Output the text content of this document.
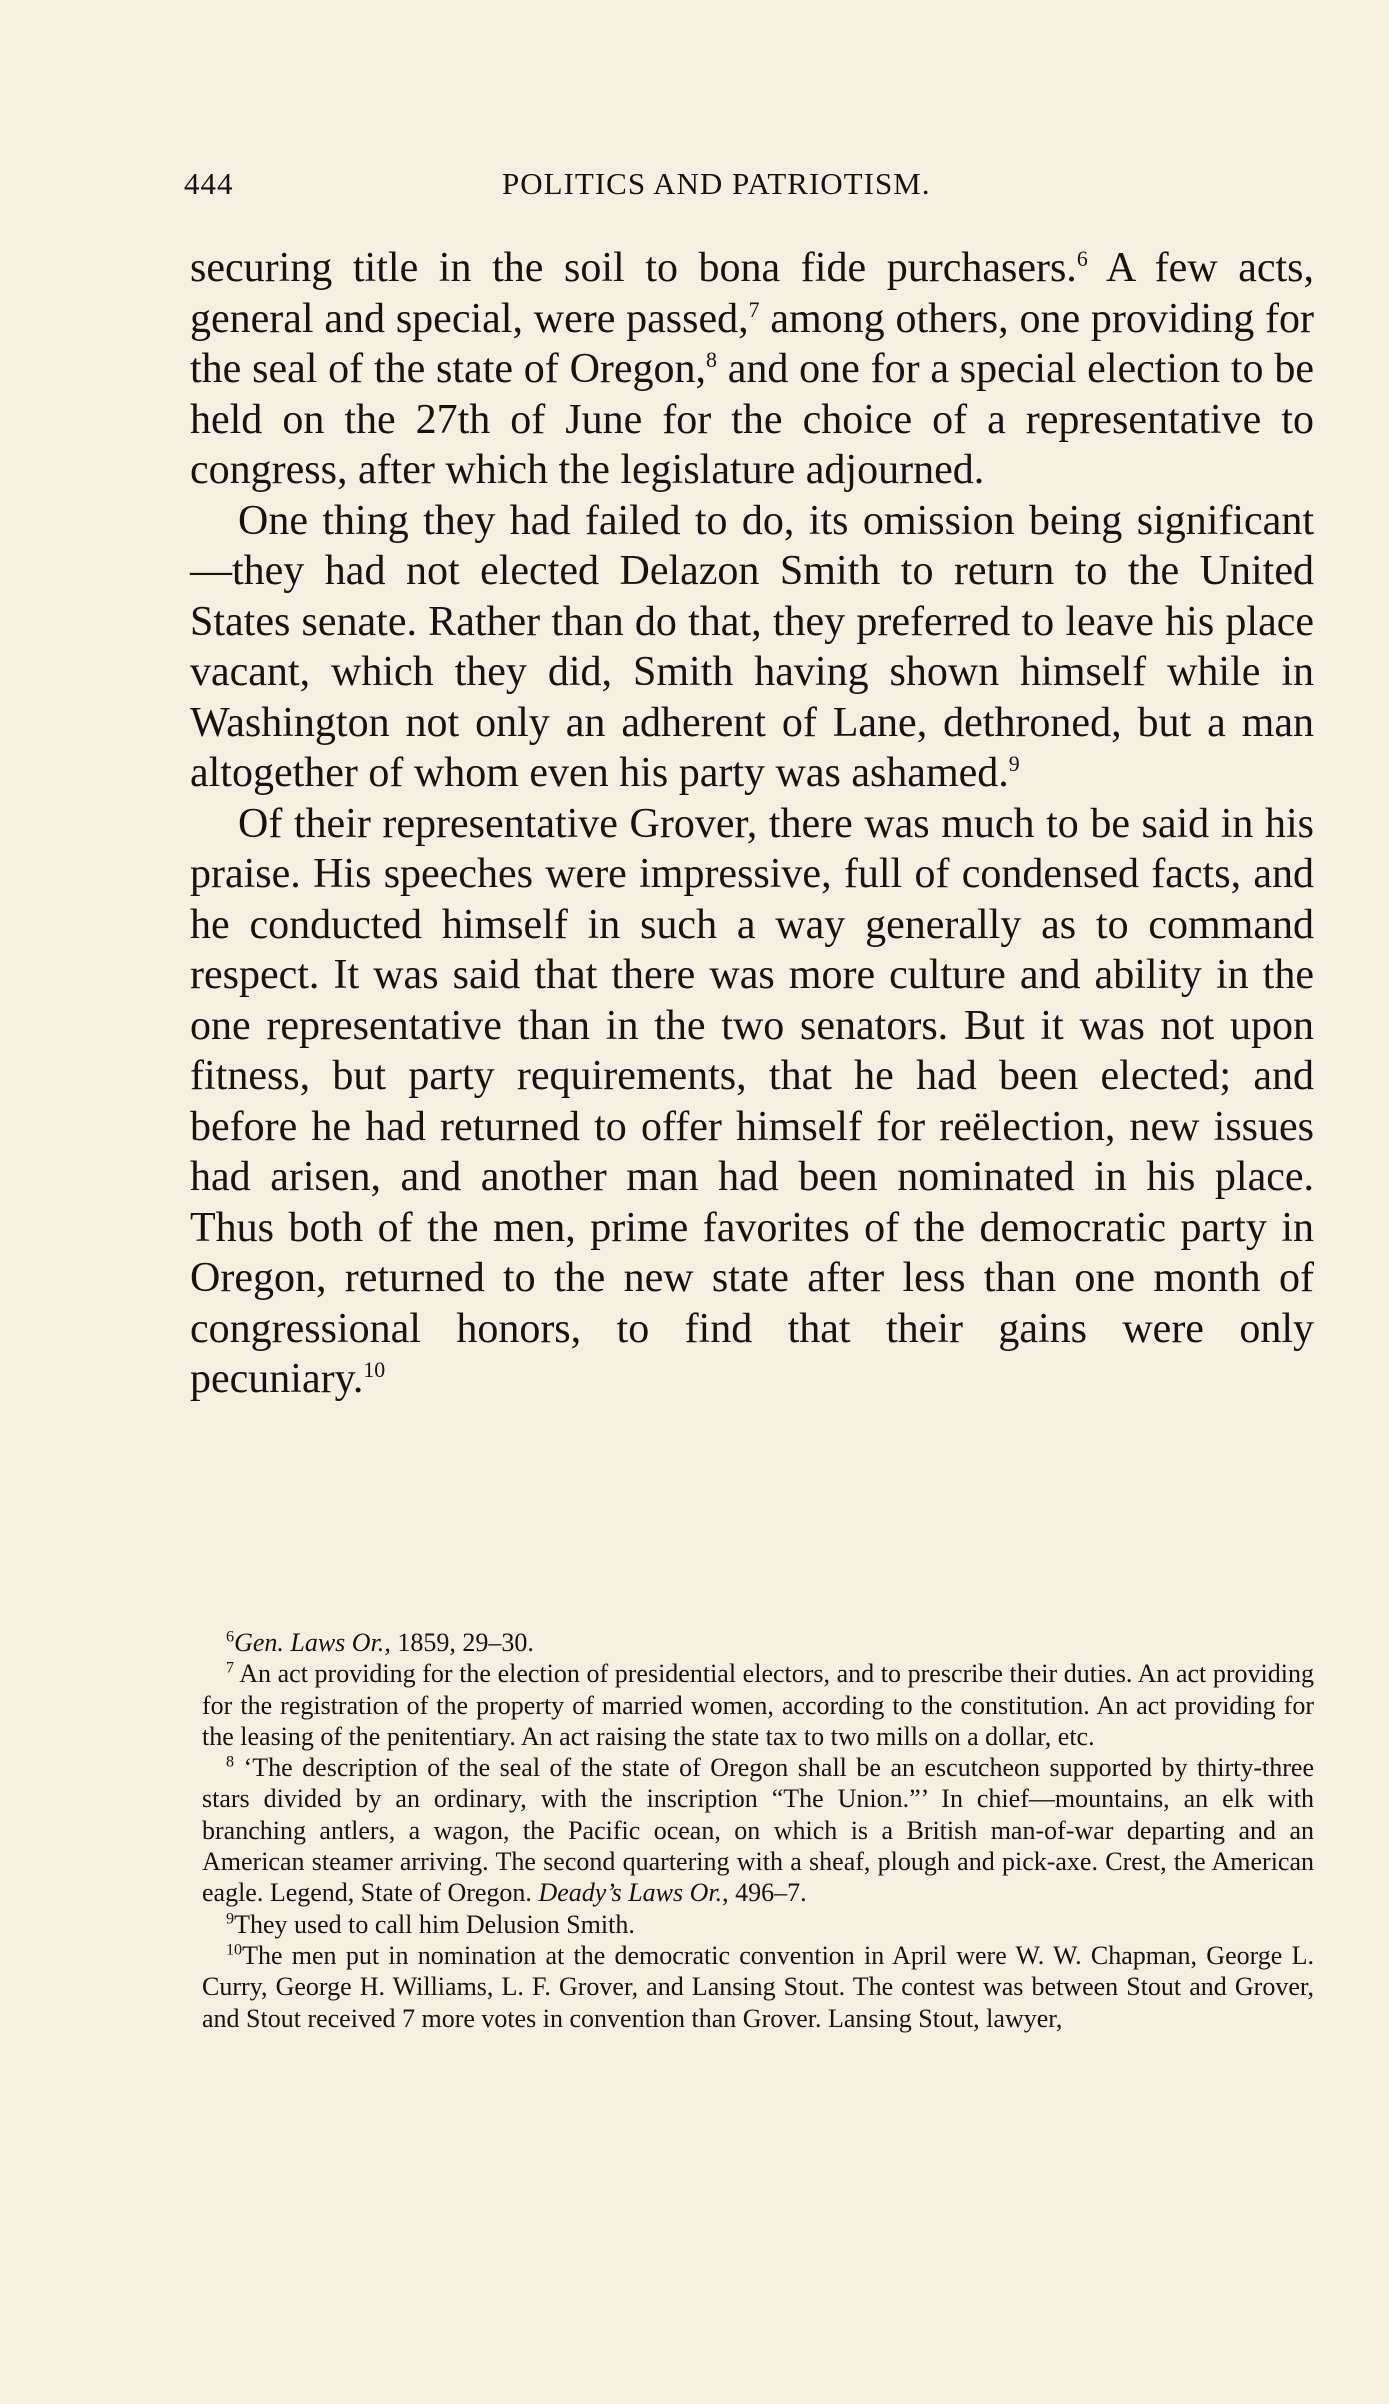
444	POLITICS AND PATRIOTISM.

securing title in the soil to bona fide purchasers.$^6$ A few acts, general and special, were passed,$^7$ among others, one providing for the seal of the state of Oregon,$^8$ and one for a special election to be held on the 27th of June for the choice of a representative to congress, after which the legislature adjourned.

One thing they had failed to do, its omission being significant—they had not elected Delazon Smith to return to the United States senate. Rather than do that, they preferred to leave his place vacant, which they did, Smith having shown himself while in Washington not only an adherent of Lane, dethroned, but a man altogether of whom even his party was ashamed.$^9$

Of their representative Grover, there was much to be said in his praise. His speeches were impressive, full of condensed facts, and he conducted himself in such a way generally as to command respect. It was said that there was more culture and ability in the one representative than in the two senators. But it was not upon fitness, but party requirements, that he had been elected; and before he had returned to offer himself for reëlection, new issues had arisen, and another man had been nominated in his place. Thus both of the men, prime favorites of the democratic party in Oregon, returned to the new state after less than one month of congressional honors, to find that their gains were only pecuniary.$^{10}$

$^6$Gen. Laws Or., 1859, 29–30.

$^7$ An act providing for the election of presidential electors, and to prescribe their duties. An act providing for the registration of the property of married women, according to the constitution. An act providing for the leasing of the penitentiary. An act raising the state tax to two mills on a dollar, etc.

$^8$ ‘The description of the seal of the state of Oregon shall be an escutcheon supported by thirty-three stars divided by an ordinary, with the inscription “The Union.”’ In chief—mountains, an elk with branching antlers, a wagon, the Pacific ocean, on which is a British man-of-war departing and an American steamer arriving. The second quartering with a sheaf, plough and pick-axe. Crest, the American eagle. Legend, State of Oregon. Deady’s Laws Or., 496–7.

$^9$They used to call him Delusion Smith.

$^{10}$The men put in nomination at the democratic convention in April were W. W. Chapman, George L. Curry, George H. Williams, L. F. Grover, and Lansing Stout. The contest was between Stout and Grover, and Stout received 7 more votes in convention than Grover. Lansing Stout, lawyer,
